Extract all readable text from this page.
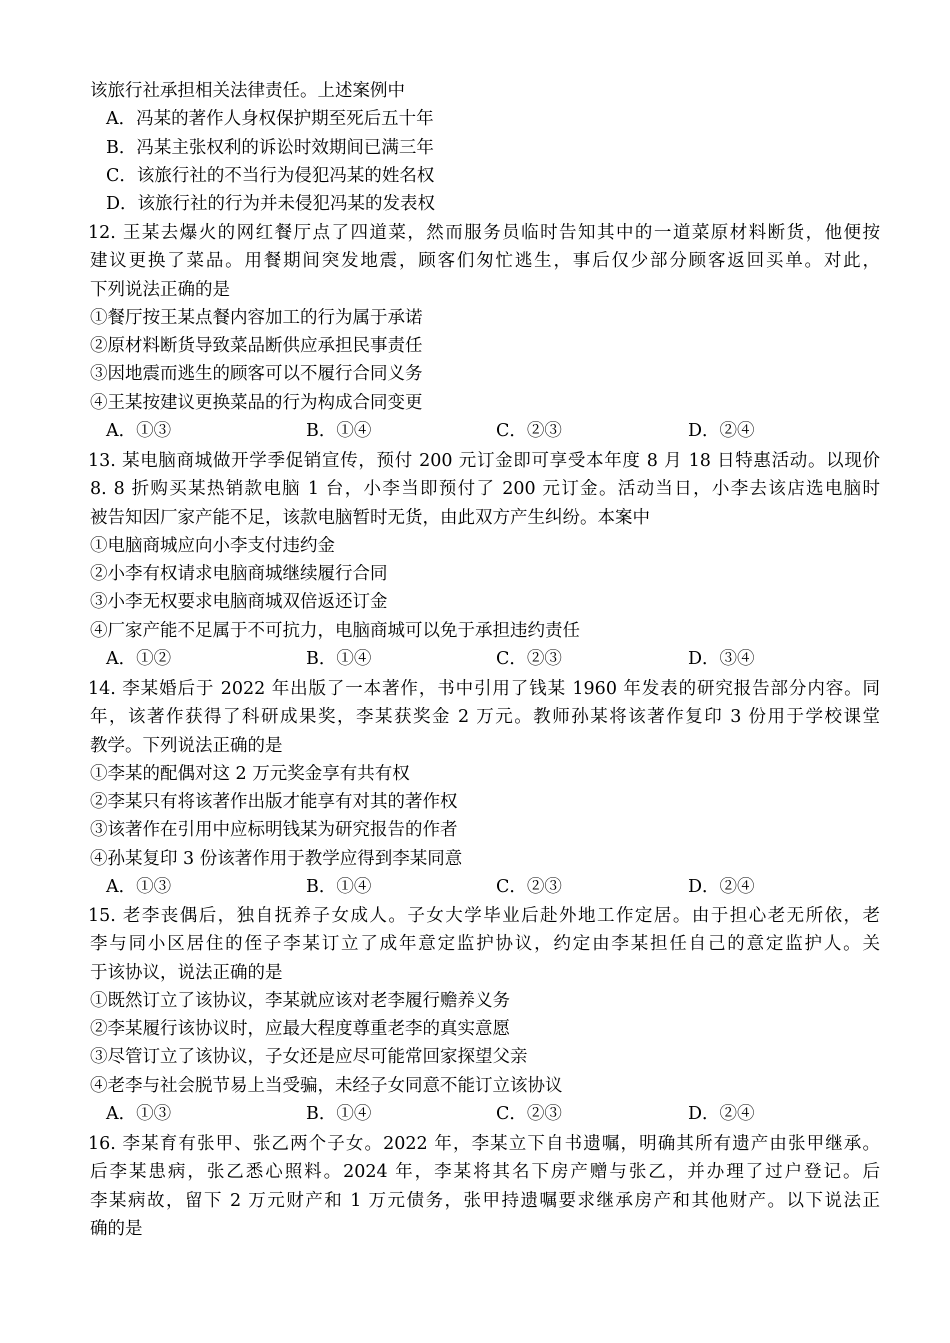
该旅行社承担相关法律责任。上述案例中
A．冯某的著作人身权保护期至死后五十年
B．冯某主张权利的诉讼时效期间已满三年
C．该旅行社的不当行为侵犯冯某的姓名权
D．该旅行社的行为并未侵犯冯某的发表权
12. 王某去爆火的网红餐厅点了四道菜，然而服务员临时告知其中的一道菜原材料断货，他便按
建议更换了菜品。用餐期间突发地震，顾客们匆忙逃生，事后仅少部分顾客返回买单。对此，
下列说法正确的是
①餐厅按王某点餐内容加工的行为属于承诺
②原材料断货导致菜品断供应承担民事责任
③因地震而逃生的顾客可以不履行合同义务
④王某按建议更换菜品的行为构成合同变更
A．①③	B．①④	C．②③	D．②④
13. 某电脑商城做开学季促销宣传，预付 200 元订金即可享受本年度 8 月 18 日特惠活动。以现价
8. 8 折购买某热销款电脑 1 台，小李当即预付了 200 元订金。活动当日，小李去该店选电脑时
被告知因厂家产能不足，该款电脑暂时无货，由此双方产生纠纷。本案中
①电脑商城应向小李支付违约金
②小李有权请求电脑商城继续履行合同
③小李无权要求电脑商城双倍返还订金
④厂家产能不足属于不可抗力，电脑商城可以免于承担违约责任
A．①②	B．①④	C．②③	D．③④
14. 李某婚后于 2022 年出版了一本著作，书中引用了钱某 1960 年发表的研究报告部分内容。同
年，该著作获得了科研成果奖，李某获奖金 2 万元。教师孙某将该著作复印 3 份用于学校课堂
教学。下列说法正确的是
①李某的配偶对这 2 万元奖金享有共有权
②李某只有将该著作出版才能享有对其的著作权
③该著作在引用中应标明钱某为研究报告的作者
④孙某复印 3 份该著作用于教学应得到李某同意
A．①③	B．①④	C．②③	D．②④
15. 老李丧偶后，独自抚养子女成人。子女大学毕业后赴外地工作定居。由于担心老无所依，老
李与同小区居住的侄子李某订立了成年意定监护协议，约定由李某担任自己的意定监护人。关
于该协议，说法正确的是
①既然订立了该协议，李某就应该对老李履行赡养义务
②李某履行该协议时，应最大程度尊重老李的真实意愿
③尽管订立了该协议，子女还是应尽可能常回家探望父亲
④老李与社会脱节易上当受骗，未经子女同意不能订立该协议
A．①③	B．①④	C．②③	D．②④
16. 李某育有张甲、张乙两个子女。2022 年，李某立下自书遗嘱，明确其所有遗产由张甲继承。
后李某患病，张乙悉心照料。2024 年，李某将其名下房产赠与张乙，并办理了过户登记。后
李某病故，留下 2 万元财产和 1 万元债务，张甲持遗嘱要求继承房产和其他财产。以下说法正
确的是
